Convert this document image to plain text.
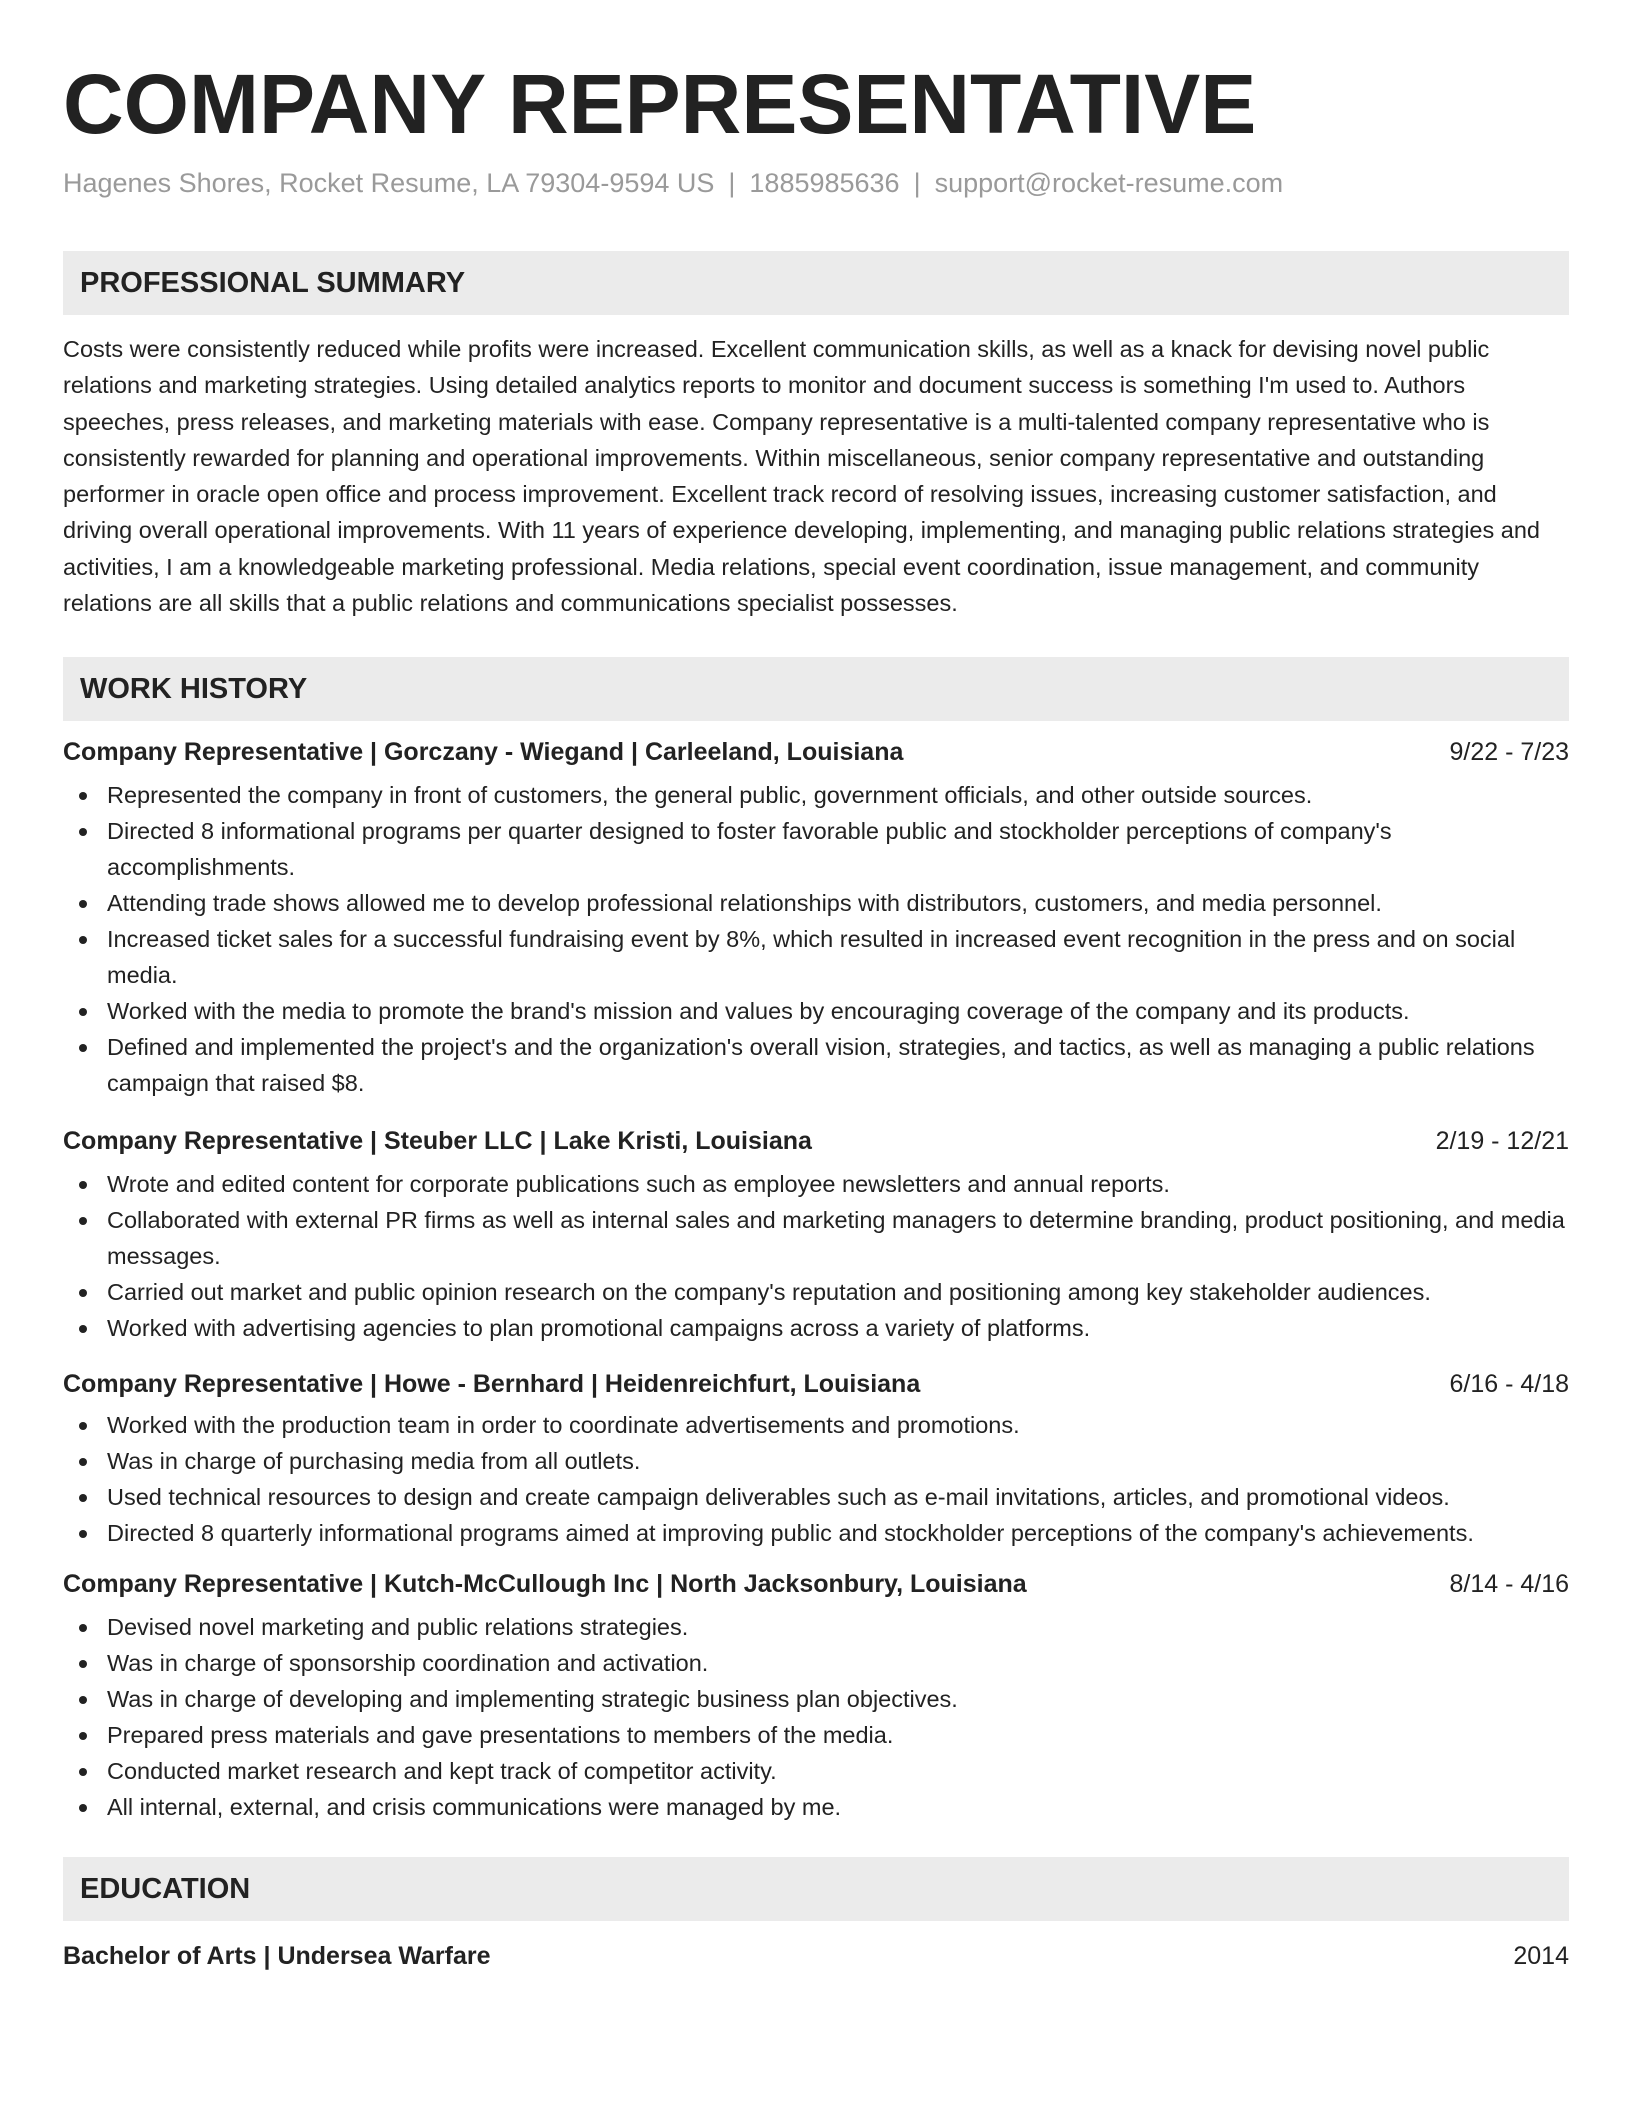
COMPANY REPRESENTATIVE
Hagenes Shores, Rocket Resume, LA 79304-9594 US | 1885985636 | support@rocket-resume.com
PROFESSIONAL SUMMARY
Costs were consistently reduced while profits were increased. Excellent communication skills, as well as a knack for devising novel public relations and marketing strategies. Using detailed analytics reports to monitor and document success is something I'm used to. Authors speeches, press releases, and marketing materials with ease. Company representative is a multi-talented company representative who is consistently rewarded for planning and operational improvements. Within miscellaneous, senior company representative and outstanding performer in oracle open office and process improvement. Excellent track record of resolving issues, increasing customer satisfaction, and driving overall operational improvements. With 11 years of experience developing, implementing, and managing public relations strategies and activities, I am a knowledgeable marketing professional. Media relations, special event coordination, issue management, and community relations are all skills that a public relations and communications specialist possesses.
WORK HISTORY
Company Representative | Gorczany - Wiegand | Carleeland, Louisiana	9/22 - 7/23
Represented the company in front of customers, the general public, government officials, and other outside sources.
Directed 8 informational programs per quarter designed to foster favorable public and stockholder perceptions of company's accomplishments.
Attending trade shows allowed me to develop professional relationships with distributors, customers, and media personnel.
Increased ticket sales for a successful fundraising event by 8%, which resulted in increased event recognition in the press and on social media.
Worked with the media to promote the brand's mission and values by encouraging coverage of the company and its products.
Defined and implemented the project's and the organization's overall vision, strategies, and tactics, as well as managing a public relations campaign that raised $8.
Company Representative | Steuber LLC | Lake Kristi, Louisiana	2/19 - 12/21
Wrote and edited content for corporate publications such as employee newsletters and annual reports.
Collaborated with external PR firms as well as internal sales and marketing managers to determine branding, product positioning, and media messages.
Carried out market and public opinion research on the company's reputation and positioning among key stakeholder audiences.
Worked with advertising agencies to plan promotional campaigns across a variety of platforms.
Company Representative | Howe - Bernhard | Heidenreichfurt, Louisiana	6/16 - 4/18
Worked with the production team in order to coordinate advertisements and promotions.
Was in charge of purchasing media from all outlets.
Used technical resources to design and create campaign deliverables such as e-mail invitations, articles, and promotional videos.
Directed 8 quarterly informational programs aimed at improving public and stockholder perceptions of the company's achievements.
Company Representative | Kutch-McCullough Inc | North Jacksonbury, Louisiana	8/14 - 4/16
Devised novel marketing and public relations strategies.
Was in charge of sponsorship coordination and activation.
Was in charge of developing and implementing strategic business plan objectives.
Prepared press materials and gave presentations to members of the media.
Conducted market research and kept track of competitor activity.
All internal, external, and crisis communications were managed by me.
EDUCATION
Bachelor of Arts | Undersea Warfare	2014
